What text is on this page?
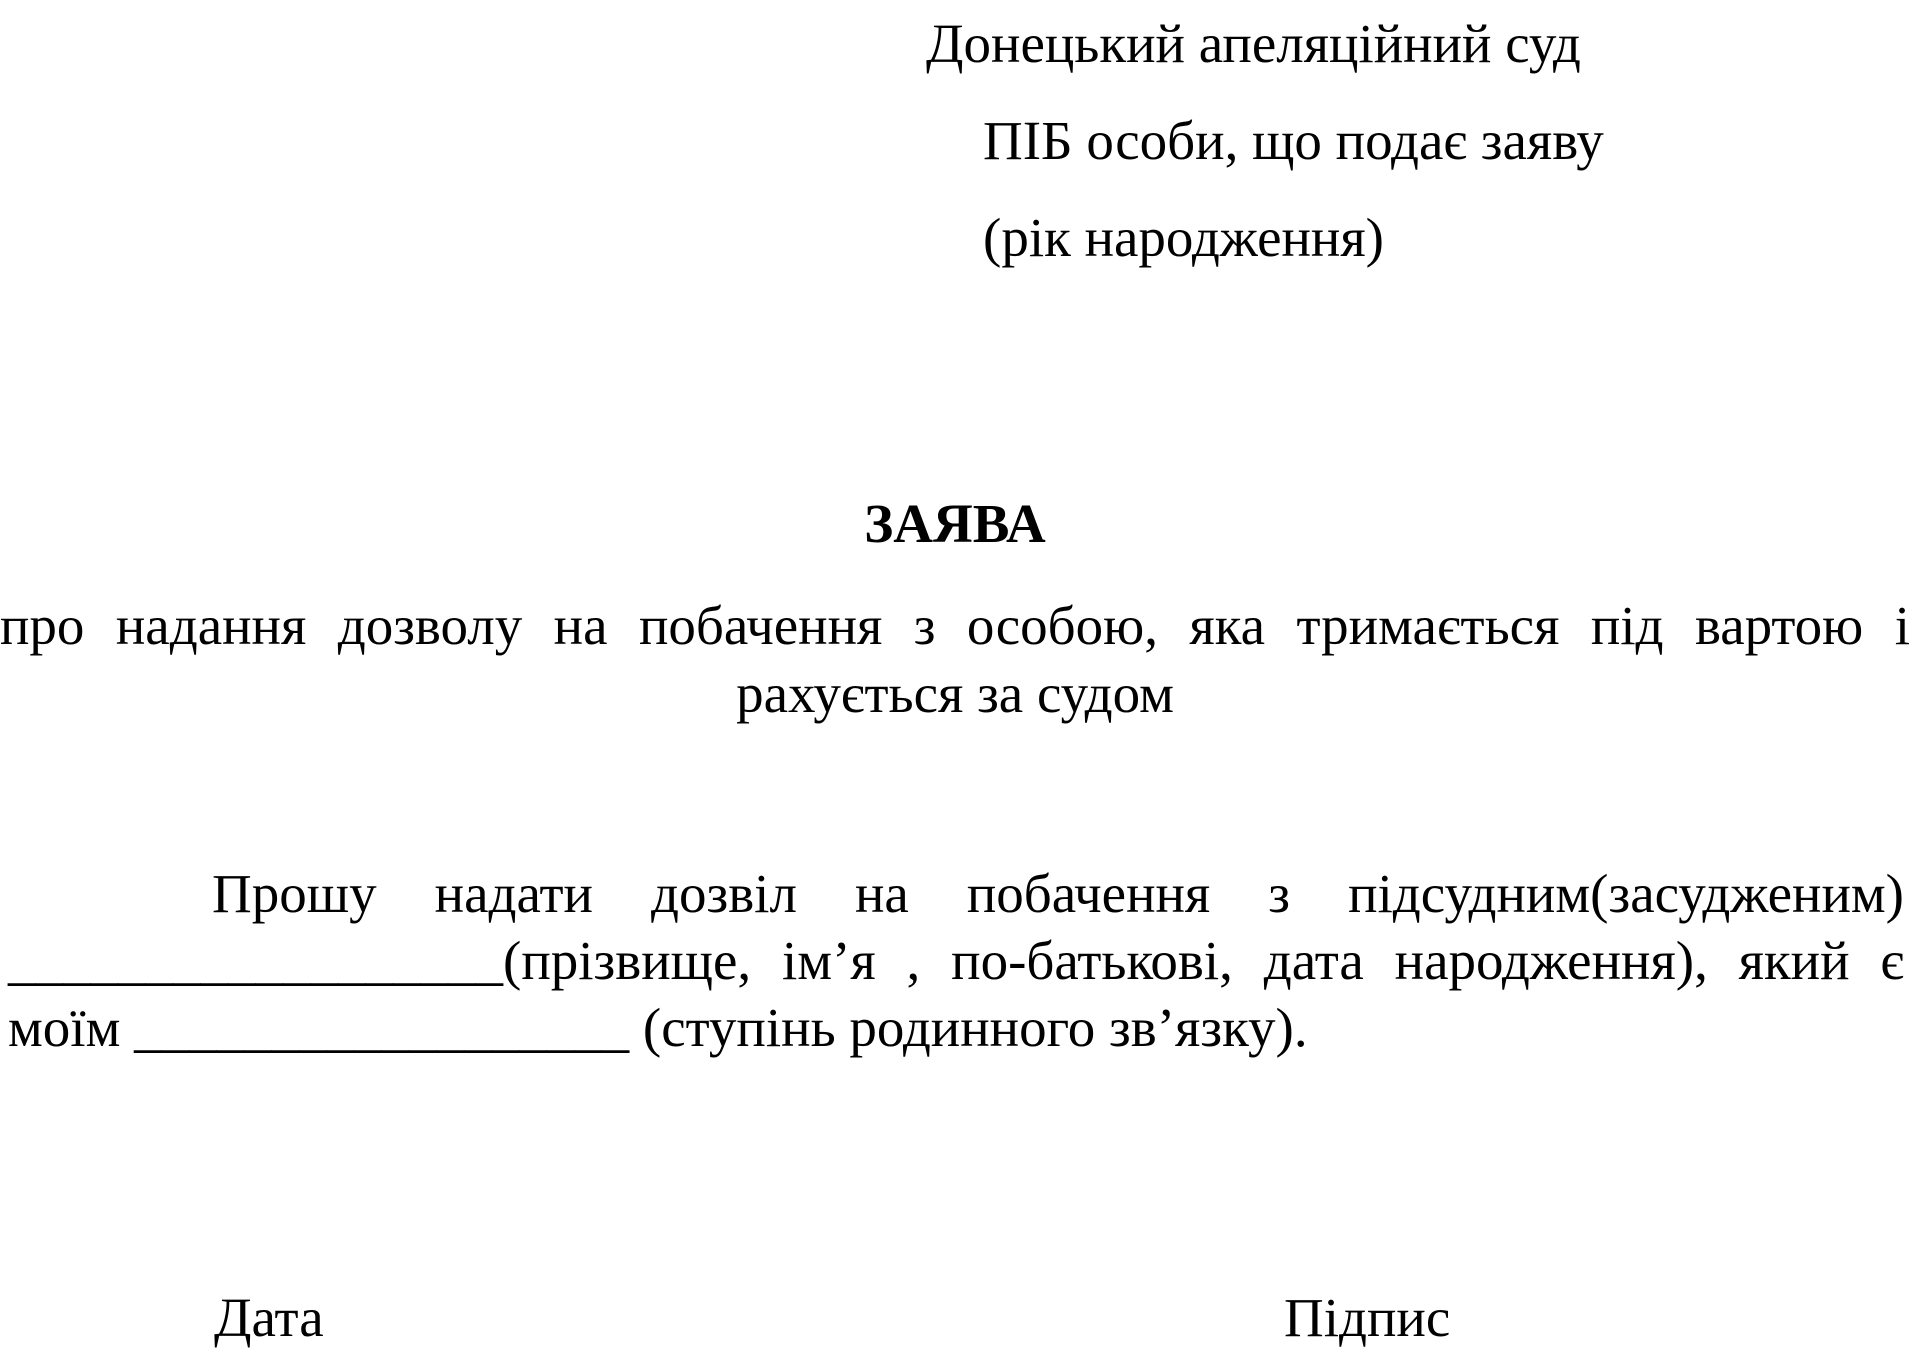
Донецький апеляційний суд
ПІБ особи, що подає заяву
(рік народження)
ЗАЯВА
про надання дозволу на побачення з особою, яка тримається під вартою і рахується за судом
Прошу надати дозвіл на побачення з підсудним(засудженим) __________________(прізвище, ім’я , по-батькові, дата народження), який є моїм __________________ (ступінь родинного зв’язку).
Дата	Підпис
